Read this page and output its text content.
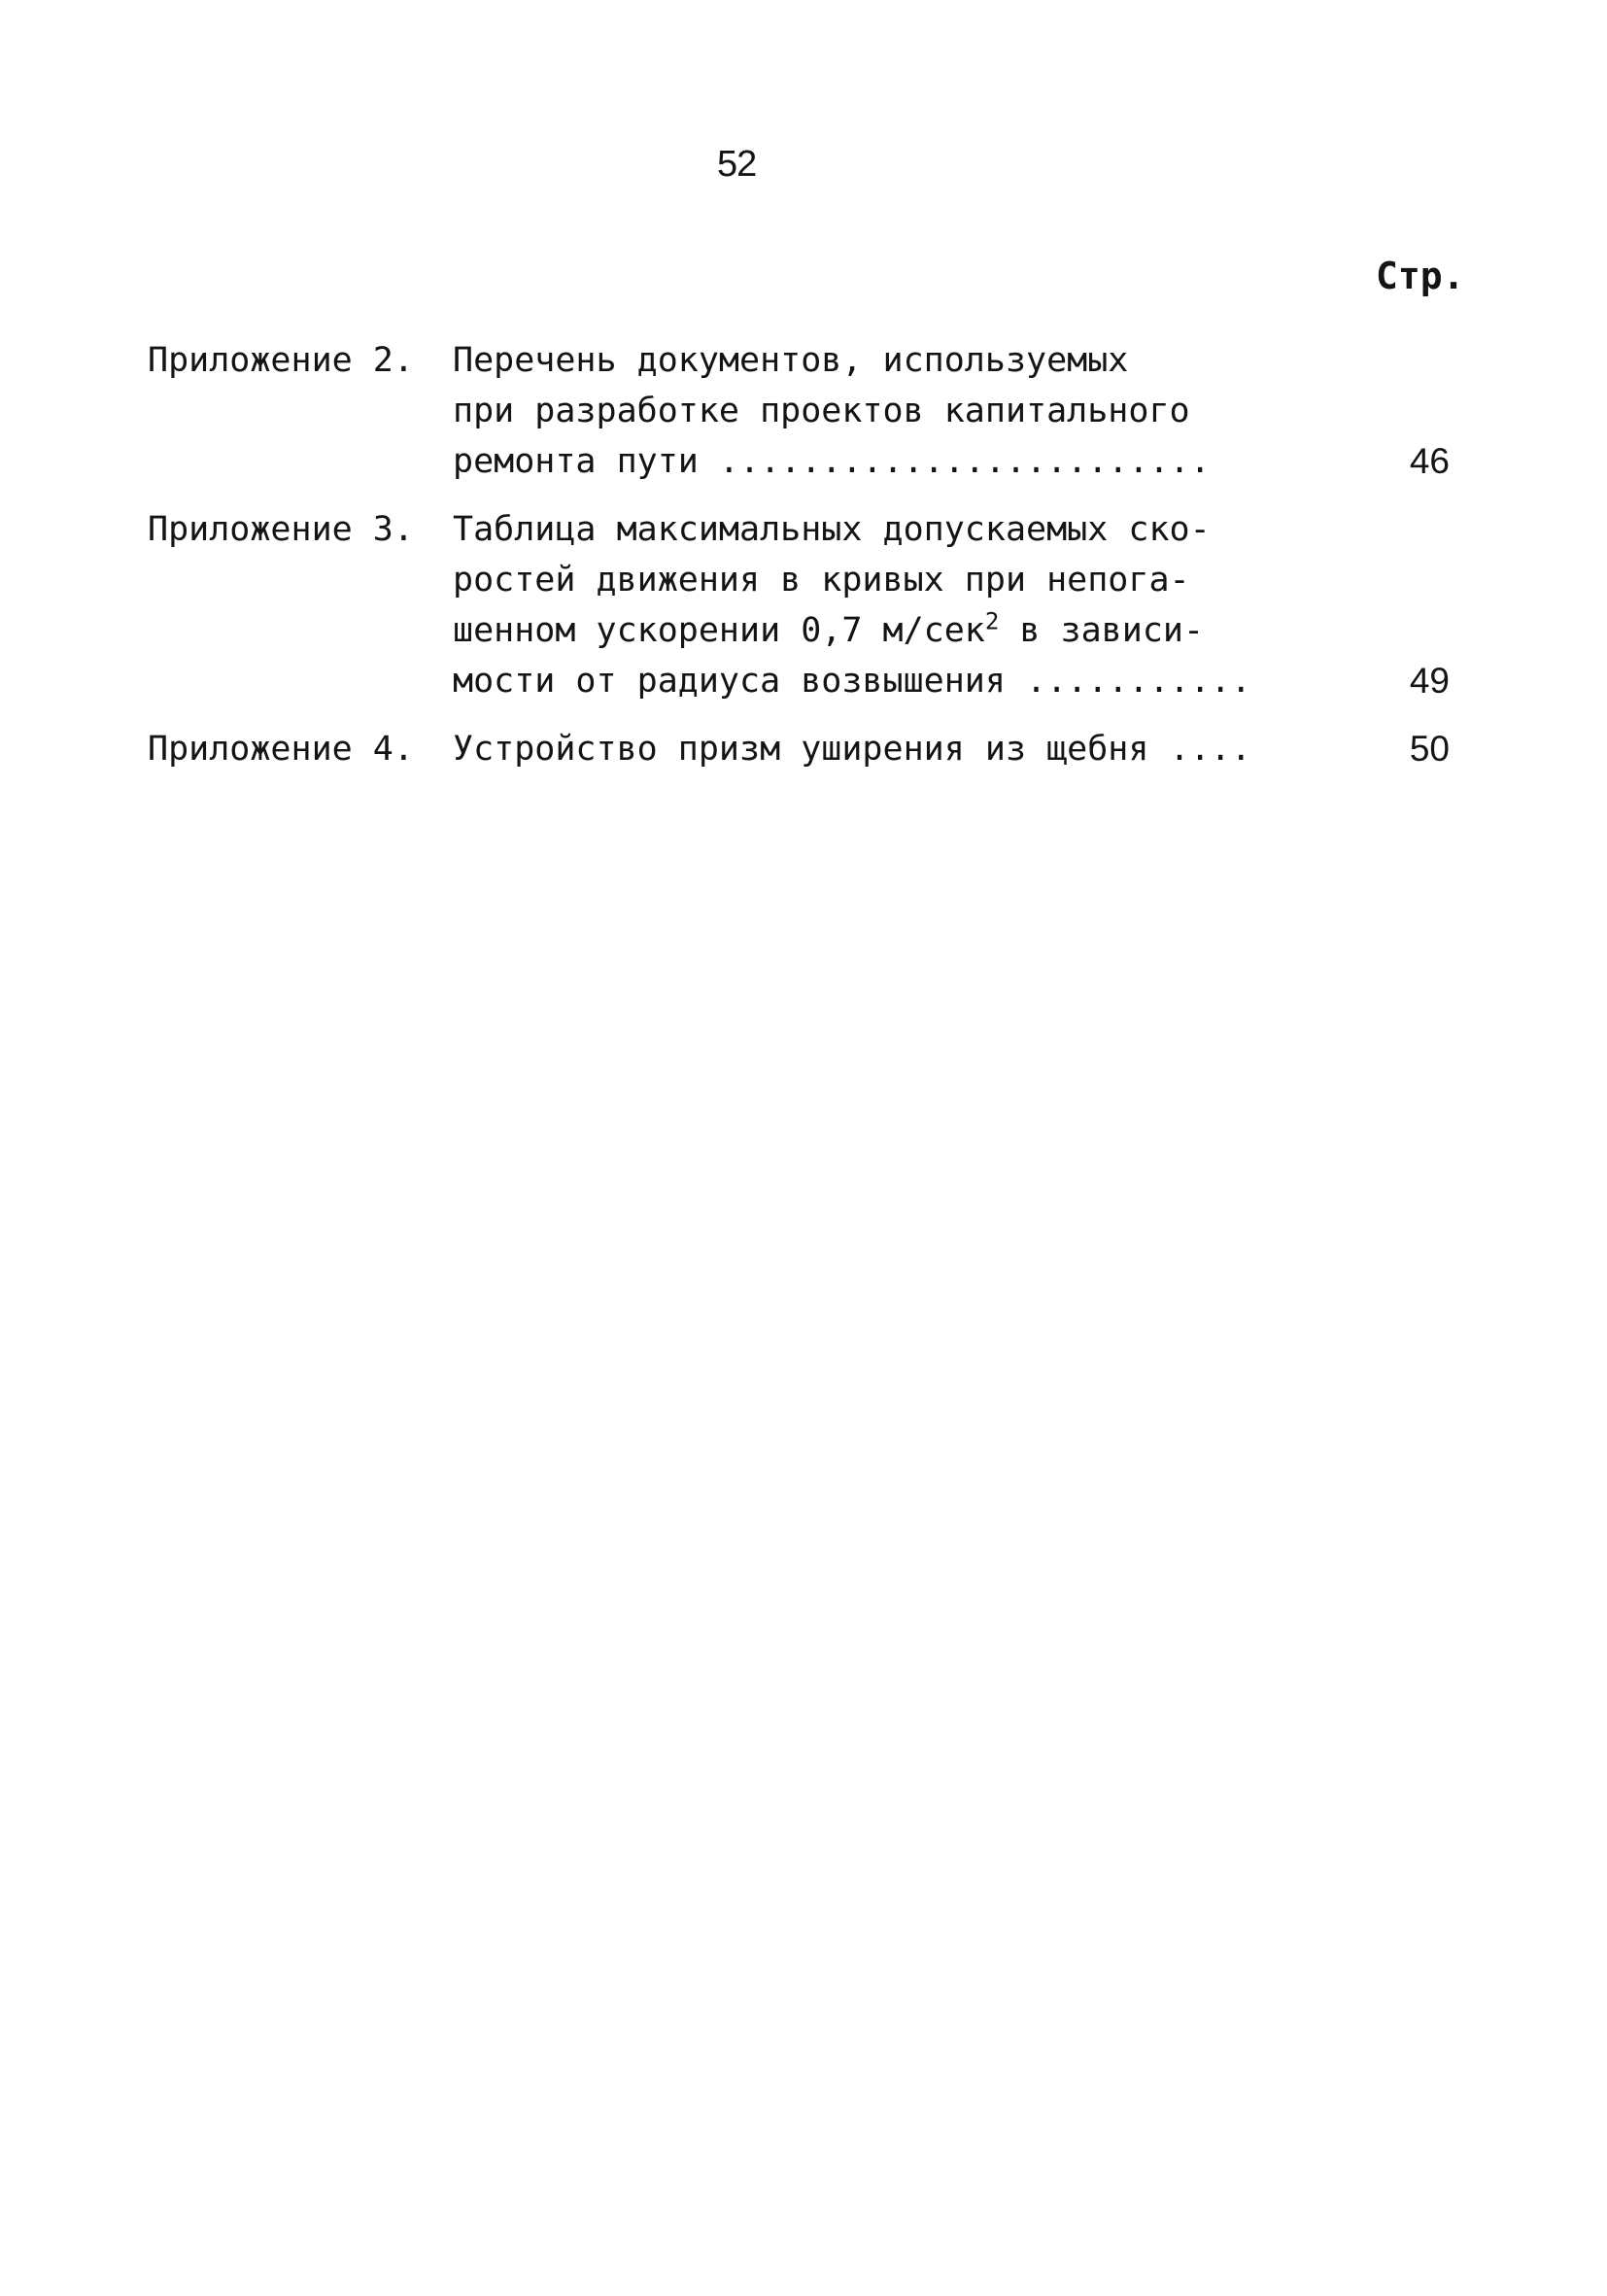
52
Стр.
Приложение 2.	Перечень документов, используемых
при разработке проектов капитального
ремонта пути ........................	46
Приложение 3.	Таблица максимальных допускаемых ско-
ростей движения в кривых при непога-
шенном ускорении 0,7 м/сек$^2$ в зависи-
мости от радиуса возвышения ...........	49
Приложение 4.	Устройство призм уширения из щебня ....	50
